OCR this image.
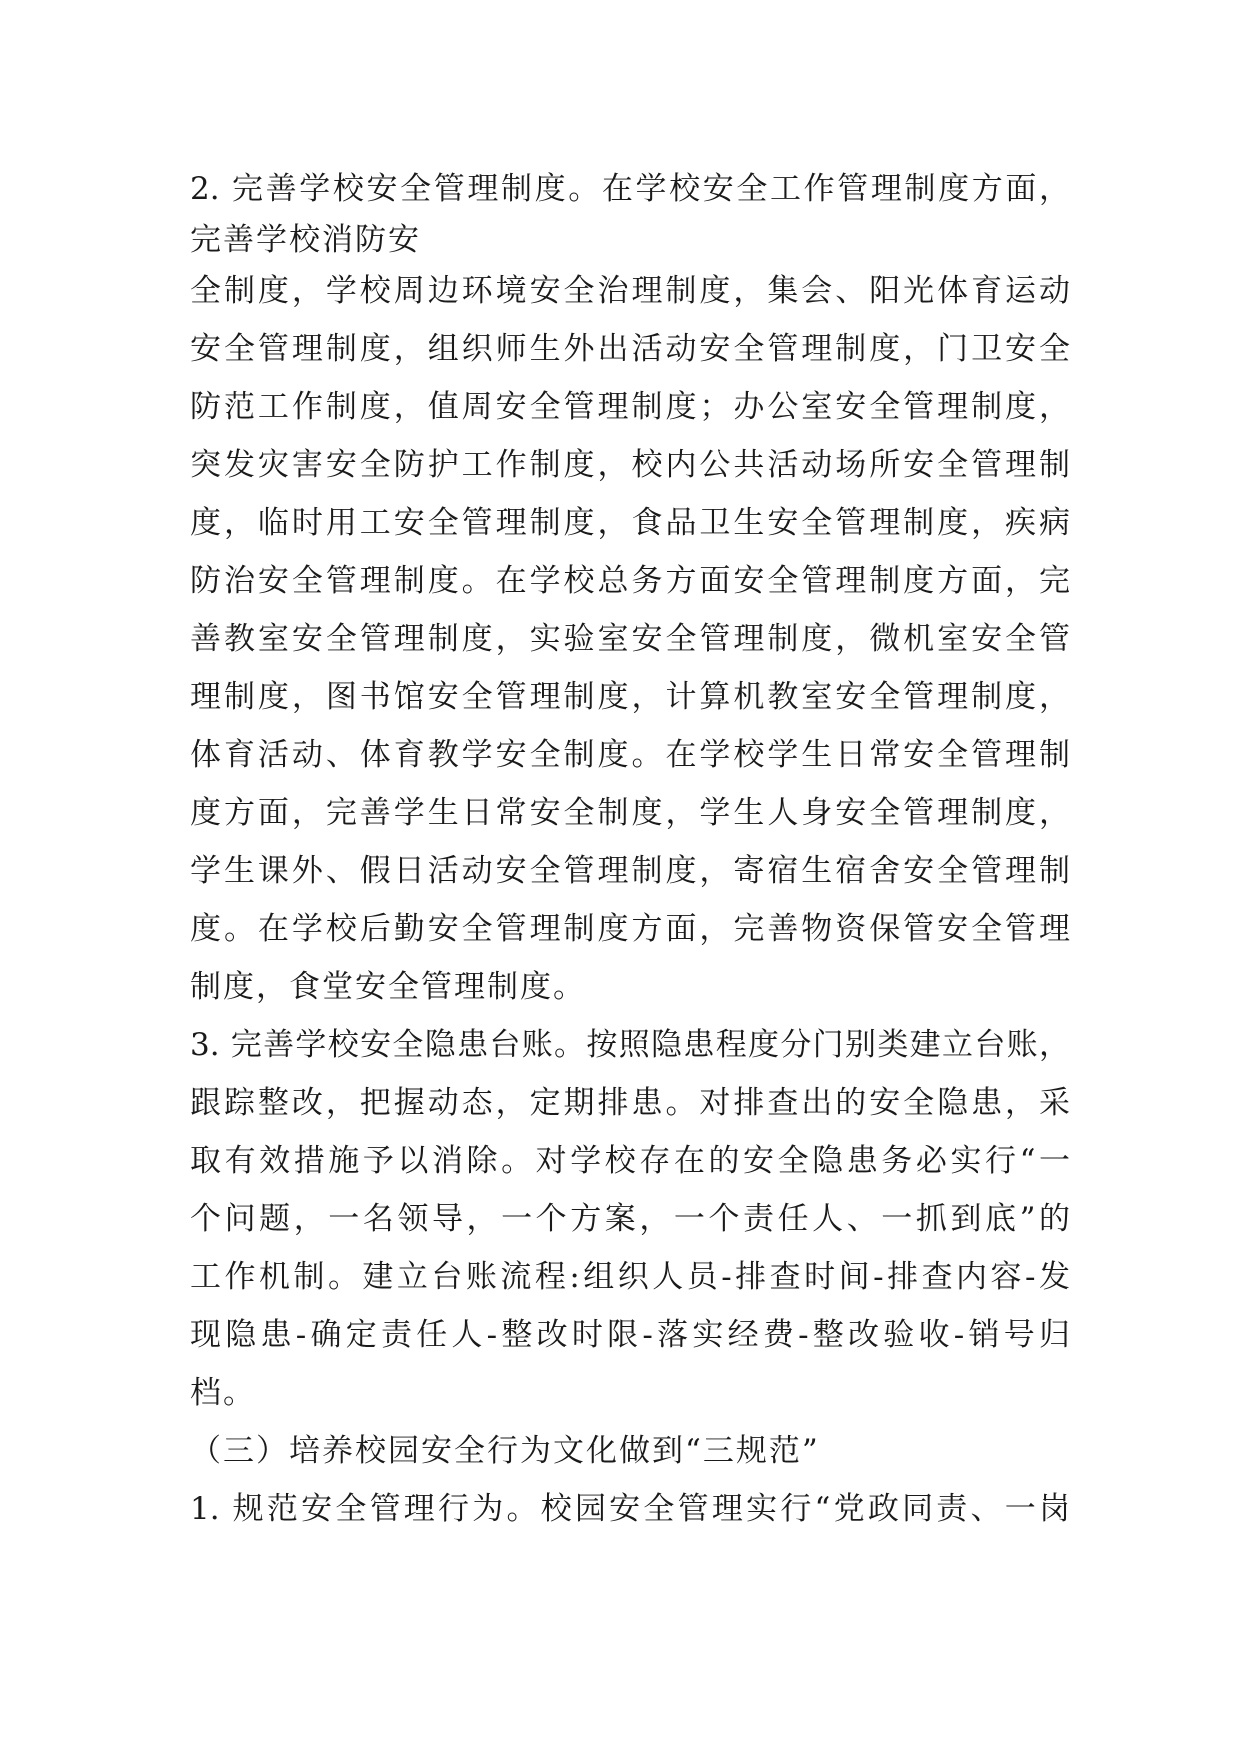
2. 完善学校安全管理制度。在学校安全工作管理制度方面，
完善学校消防安
全制度，学校周边环境安全治理制度，集会、阳光体育运动
安全管理制度，组织师生外出活动安全管理制度，门卫安全
防范工作制度，值周安全管理制度；办公室安全管理制度，
突发灾害安全防护工作制度，校内公共活动场所安全管理制
度，临时用工安全管理制度，食品卫生安全管理制度，疾病
防治安全管理制度。在学校总务方面安全管理制度方面，完
善教室安全管理制度，实验室安全管理制度，微机室安全管
理制度，图书馆安全管理制度，计算机教室安全管理制度，
体育活动、体育教学安全制度。在学校学生日常安全管理制
度方面，完善学生日常安全制度，学生人身安全管理制度，
学生课外、假日活动安全管理制度，寄宿生宿舍安全管理制
度。在学校后勤安全管理制度方面，完善物资保管安全管理
制度，食堂安全管理制度。
3. 完善学校安全隐患台账。按照隐患程度分门别类建立台账，
跟踪整改，把握动态，定期排患。对排查出的安全隐患，采
取有效措施予以消除。对学校存在的安全隐患务必实行“一
个问题，一名领导，一个方案，一个责任人、一抓到底”的
工作机制。建立台账流程:组织人员-排查时间-排查内容-发
现隐患-确定责任人-整改时限-落实经费-整改验收-销号归
档。
（三）培养校园安全行为文化做到“三规范”
1. 规范安全管理行为。校园安全管理实行“党政同责、一岗
